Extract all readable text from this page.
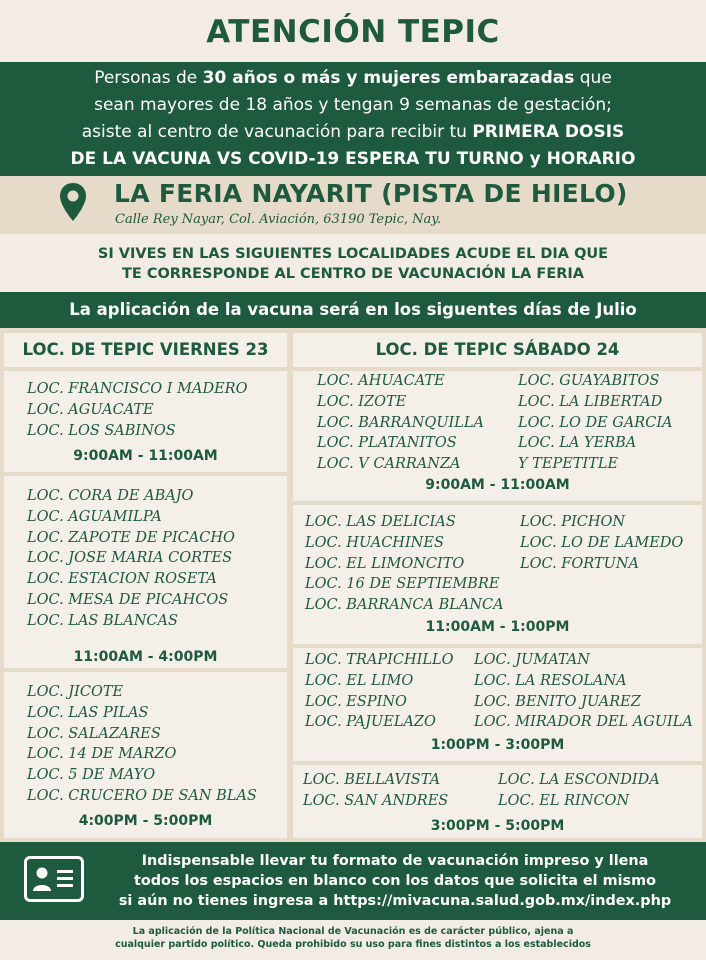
ATENCIÓN TEPIC
Personas de 30 años o más y mujeres embarazadas que
sean mayores de 18 años y tengan 9 semanas de gestación;
asiste al centro de vacunación para recibir tu PRIMERA DOSIS
DE LA VACUNA VS COVID-19 ESPERA TU TURNO y HORARIO
LA FERIA NAYARIT (PISTA DE HIELO)
Calle Rey Nayar, Col. Aviación, 63190 Tepic, Nay.
SI VIVES EN LAS SIGUIENTES LOCALIDADES ACUDE EL DIA QUE
TE CORRESPONDE AL CENTRO DE VACUNACIÓN LA FERIA
La aplicación de la vacuna será en los siguentes días de Julio
LOC. DE TEPIC VIERNES 23	LOC. DE TEPIC SÁBADO 24
LOC. FRANCISCO I MADERO
LOC. AGUACATE
LOC. LOS SABINOS
9:00AM - 11:00AM
LOC. CORA DE ABAJO
LOC. AGUAMILPA
LOC. ZAPOTE DE PICACHO
LOC. JOSE MARIA CORTES
LOC. ESTACION ROSETA
LOC. MESA DE PICAHCOS
LOC. LAS BLANCAS
11:00AM - 4:00PM
LOC. JICOTE
LOC. LAS PILAS
LOC. SALAZARES
LOC. 14 DE MARZO
LOC. 5 DE MAYO
LOC. CRUCERO DE SAN BLAS
4:00PM - 5:00PM
LOC. AHUACATE
LOC. IZOTE
LOC. BARRANQUILLA
LOC. PLATANITOS
LOC. V CARRANZA
LOC. GUAYABITOS
LOC. LA LIBERTAD
LOC. LO DE GARCIA
LOC. LA YERBA
Y TEPETITLE
9:00AM - 11:00AM
LOC. LAS DELICIAS
LOC. HUACHINES
LOC. EL LIMONCITO
LOC. 16 DE SEPTIEMBRE
LOC. BARRANCA BLANCA
LOC. PICHON
LOC. LO DE LAMEDO
LOC. FORTUNA
11:00AM - 1:00PM
LOC. TRAPICHILLO
LOC. EL LIMO
LOC. ESPINO
LOC. PAJUELAZO
LOC. JUMATAN
LOC. LA RESOLANA
LOC. BENITO JUAREZ
LOC. MIRADOR DEL AGUILA
1:00PM - 3:00PM
LOC. BELLAVISTA
LOC. SAN ANDRES
LOC. LA ESCONDIDA
LOC. EL RINCON
3:00PM - 5:00PM
Indispensable llevar tu formato de vacunación impreso y llena
todos los espacios en blanco con los datos que solicita el mismo
si aún no tienes ingresa a https://mivacuna.salud.gob.mx/index.php
La aplicación de la Política Nacional de Vacunación es de carácter público, ajena a
cualquier partido político. Queda prohibido su uso para fines distintos a los establecidos
